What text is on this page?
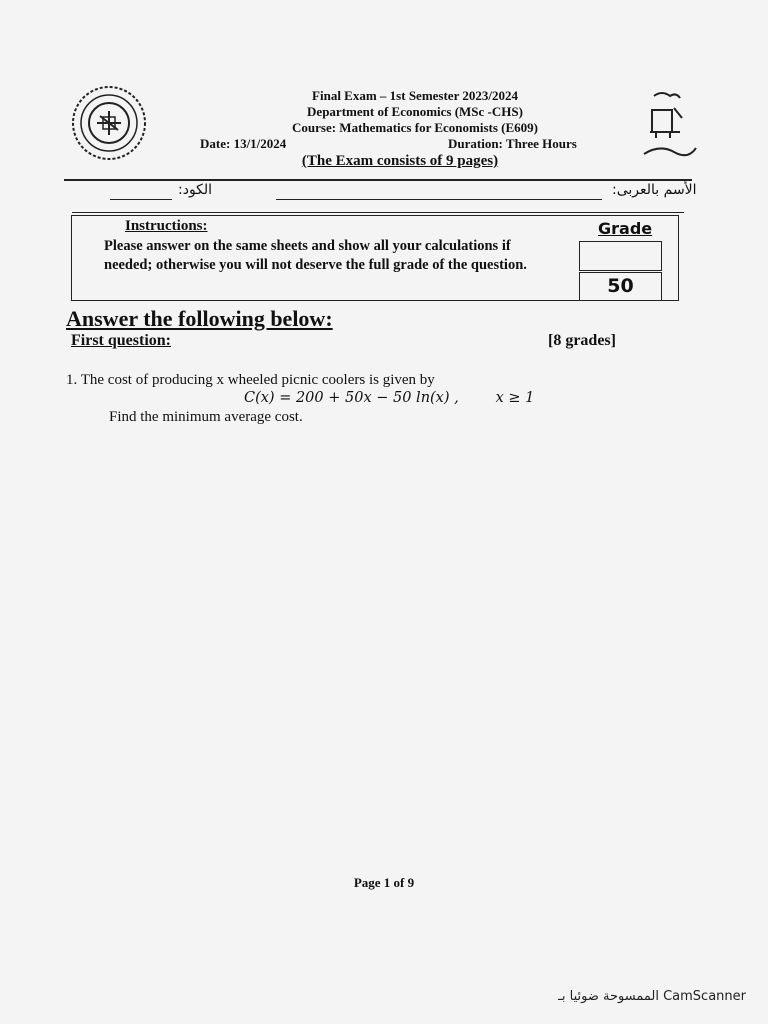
Final Exam – 1st Semester 2023/2024
Department of Economics (MSc -CHS)
Course: Mathematics for Economists (E609)
Date: 13/1/2024	Duration: Three Hours
(The Exam consists of 9 pages)
الكود:	الأسم بالعربى:
Instructions:
Please answer on the same sheets and show all your calculations if needed; otherwise you will not deserve the full grade of the question.
Grade
50
Answer the following below:
First question:	[8 grades]
1. The cost of producing x wheeled picnic coolers is given by
C(x) = 200 + 50x − 50 ln(x) ,        x ≥ 1
Find the minimum average cost.
Page 1 of 9
الممسوحة ضوئيا بـ CamScanner
